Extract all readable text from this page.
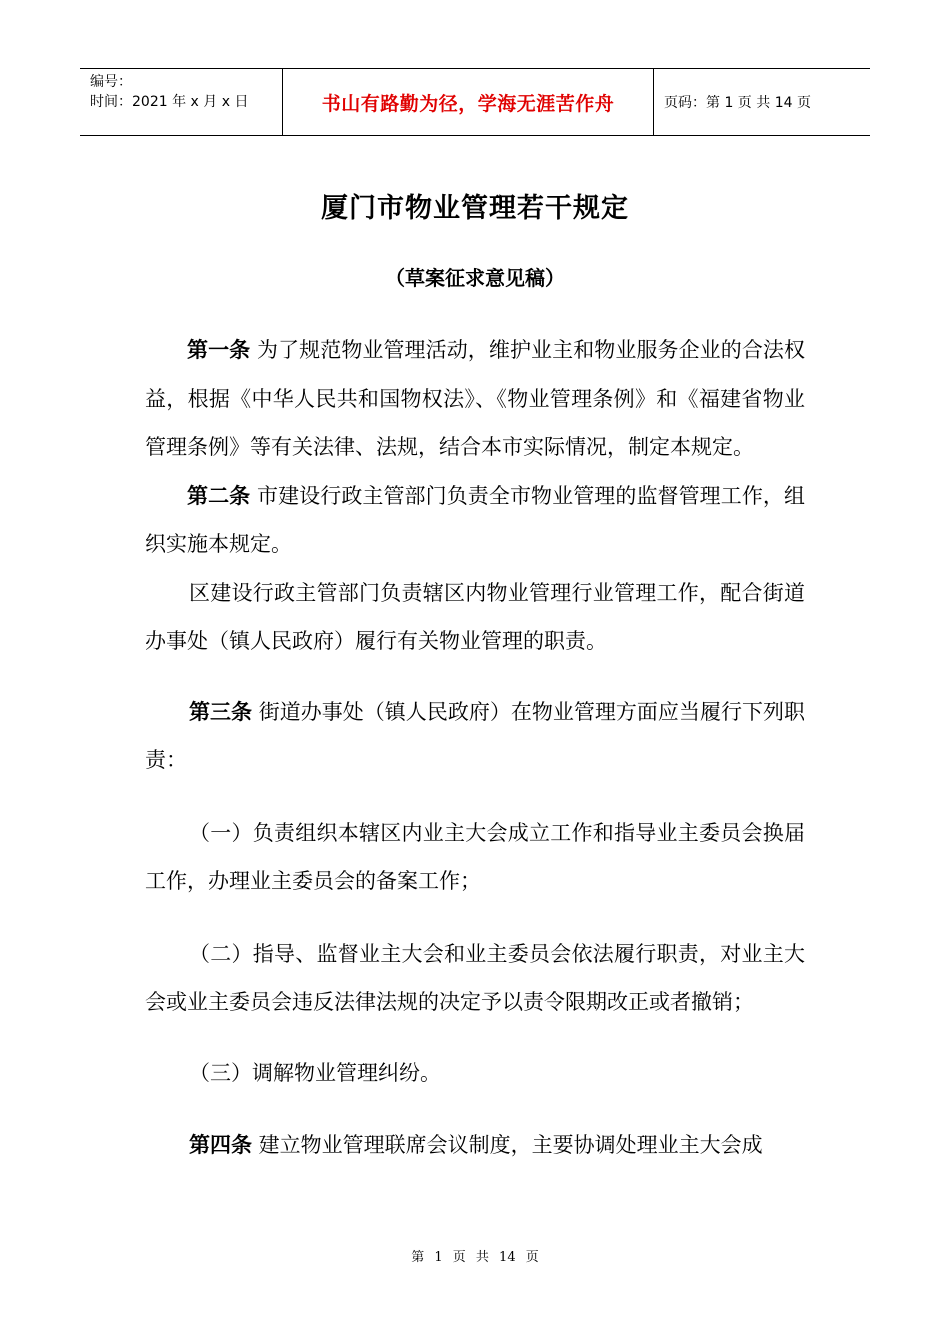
编号：
时间：2021 年 x 月 x 日	书山有路勤为径，学海无涯苦作舟	页码：第 1 页 共 14 页
厦门市物业管理若干规定
（草案征求意见稿）

第一条 为了规范物业管理活动，维护业主和物业服务企业的合法权益，根据《中华人民共和国物权法》、《物业管理条例》和《福建省物业管理条例》等有关法律、法规，结合本市实际情况，制定本规定。

第二条 市建设行政主管部门负责全市物业管理的监督管理工作，组织实施本规定。

区建设行政主管部门负责辖区内物业管理行业管理工作，配合街道办事处（镇人民政府）履行有关物业管理的职责。

第三条 街道办事处（镇人民政府）在物业管理方面应当履行下列职责：

（一）负责组织本辖区内业主大会成立工作和指导业主委员会换届工作，办理业主委员会的备案工作；

（二）指导、监督业主大会和业主委员会依法履行职责，对业主大会或业主委员会违反法律法规的决定予以责令限期改正或者撤销；

（三）调解物业管理纠纷。

第四条 建立物业管理联席会议制度，主要协调处理业主大会成

第 1 页 共 14 页
